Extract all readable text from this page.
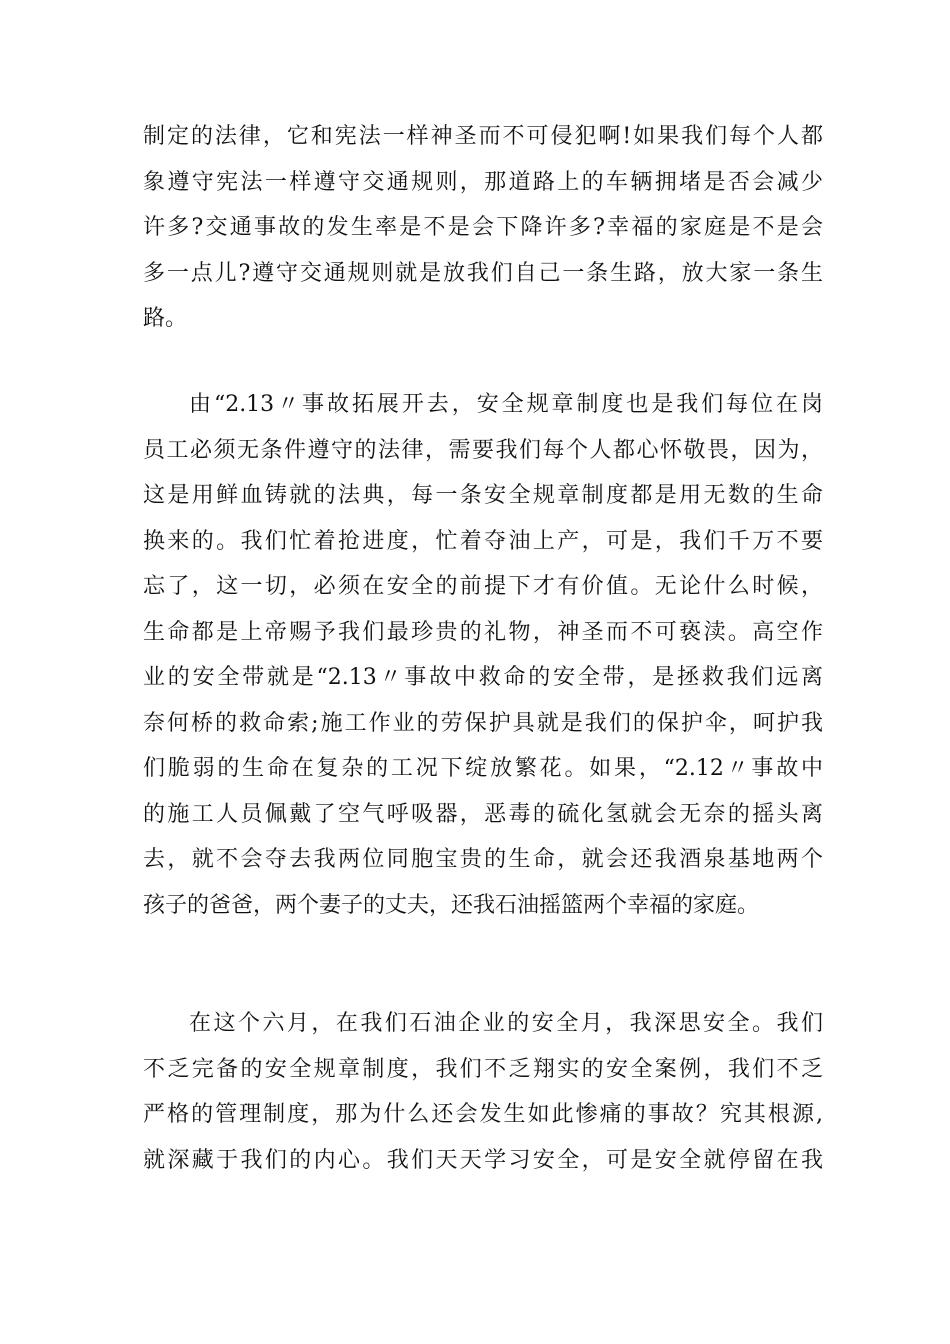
制定的法律，它和宪法一样神圣而不可侵犯啊!如果我们每个人都
象遵守宪法一样遵守交通规则，那道路上的车辆拥堵是否会减少
许多?交通事故的发生率是不是会下降许多?幸福的家庭是不是会
多一点儿?遵守交通规则就是放我们自己一条生路，放大家一条生
路。
由“2.13〃事故拓展开去，安全规章制度也是我们每位在岗
员工必须无条件遵守的法律，需要我们每个人都心怀敬畏，因为，
这是用鲜血铸就的法典，每一条安全规章制度都是用无数的生命
换来的。我们忙着抢进度，忙着夺油上产，可是，我们千万不要
忘了，这一切，必须在安全的前提下才有价值。无论什么时候，
生命都是上帝赐予我们最珍贵的礼物，神圣而不可亵渎。高空作
业的安全带就是“2.13〃事故中救命的安全带，是拯救我们远离
奈何桥的救命索;施工作业的劳保护具就是我们的保护伞，呵护我
们脆弱的生命在复杂的工况下绽放繁花。如果，“2.12〃事故中
的施工人员佩戴了空气呼吸器，恶毒的硫化氢就会无奈的摇头离
去，就不会夺去我两位同胞宝贵的生命，就会还我酒泉基地两个
孩子的爸爸，两个妻子的丈夫，还我石油摇篮两个幸福的家庭。
在这个六月，在我们石油企业的安全月，我深思安全。我们
不乏完备的安全规章制度，我们不乏翔实的安全案例，我们不乏
严格的管理制度，那为什么还会发生如此惨痛的事故？究其根源,
就深藏于我们的内心。我们天天学习安全，可是安全就停留在我
